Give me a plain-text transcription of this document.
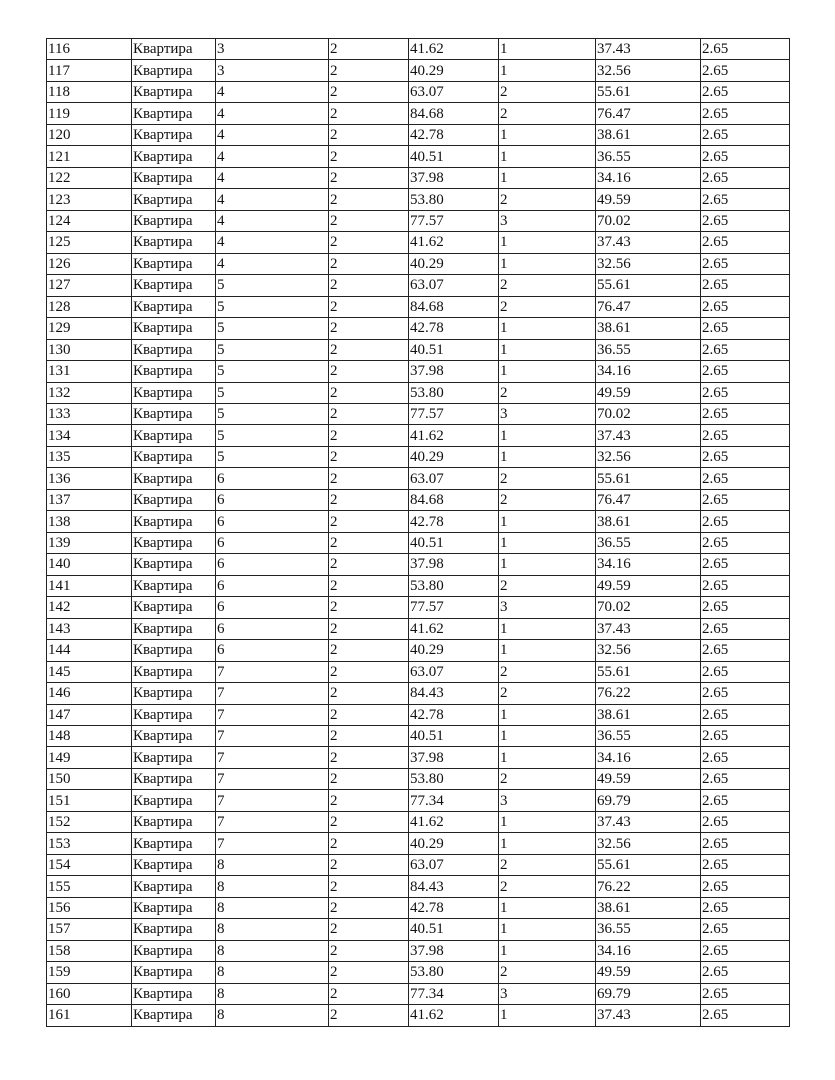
116	Квартира	3	2	41.62	1	37.43	2.65
117	Квартира	3	2	40.29	1	32.56	2.65
118	Квартира	4	2	63.07	2	55.61	2.65
119	Квартира	4	2	84.68	2	76.47	2.65
120	Квартира	4	2	42.78	1	38.61	2.65
121	Квартира	4	2	40.51	1	36.55	2.65
122	Квартира	4	2	37.98	1	34.16	2.65
123	Квартира	4	2	53.80	2	49.59	2.65
124	Квартира	4	2	77.57	3	70.02	2.65
125	Квартира	4	2	41.62	1	37.43	2.65
126	Квартира	4	2	40.29	1	32.56	2.65
127	Квартира	5	2	63.07	2	55.61	2.65
128	Квартира	5	2	84.68	2	76.47	2.65
129	Квартира	5	2	42.78	1	38.61	2.65
130	Квартира	5	2	40.51	1	36.55	2.65
131	Квартира	5	2	37.98	1	34.16	2.65
132	Квартира	5	2	53.80	2	49.59	2.65
133	Квартира	5	2	77.57	3	70.02	2.65
134	Квартира	5	2	41.62	1	37.43	2.65
135	Квартира	5	2	40.29	1	32.56	2.65
136	Квартира	6	2	63.07	2	55.61	2.65
137	Квартира	6	2	84.68	2	76.47	2.65
138	Квартира	6	2	42.78	1	38.61	2.65
139	Квартира	6	2	40.51	1	36.55	2.65
140	Квартира	6	2	37.98	1	34.16	2.65
141	Квартира	6	2	53.80	2	49.59	2.65
142	Квартира	6	2	77.57	3	70.02	2.65
143	Квартира	6	2	41.62	1	37.43	2.65
144	Квартира	6	2	40.29	1	32.56	2.65
145	Квартира	7	2	63.07	2	55.61	2.65
146	Квартира	7	2	84.43	2	76.22	2.65
147	Квартира	7	2	42.78	1	38.61	2.65
148	Квартира	7	2	40.51	1	36.55	2.65
149	Квартира	7	2	37.98	1	34.16	2.65
150	Квартира	7	2	53.80	2	49.59	2.65
151	Квартира	7	2	77.34	3	69.79	2.65
152	Квартира	7	2	41.62	1	37.43	2.65
153	Квартира	7	2	40.29	1	32.56	2.65
154	Квартира	8	2	63.07	2	55.61	2.65
155	Квартира	8	2	84.43	2	76.22	2.65
156	Квартира	8	2	42.78	1	38.61	2.65
157	Квартира	8	2	40.51	1	36.55	2.65
158	Квартира	8	2	37.98	1	34.16	2.65
159	Квартира	8	2	53.80	2	49.59	2.65
160	Квартира	8	2	77.34	3	69.79	2.65
161	Квартира	8	2	41.62	1	37.43	2.65
